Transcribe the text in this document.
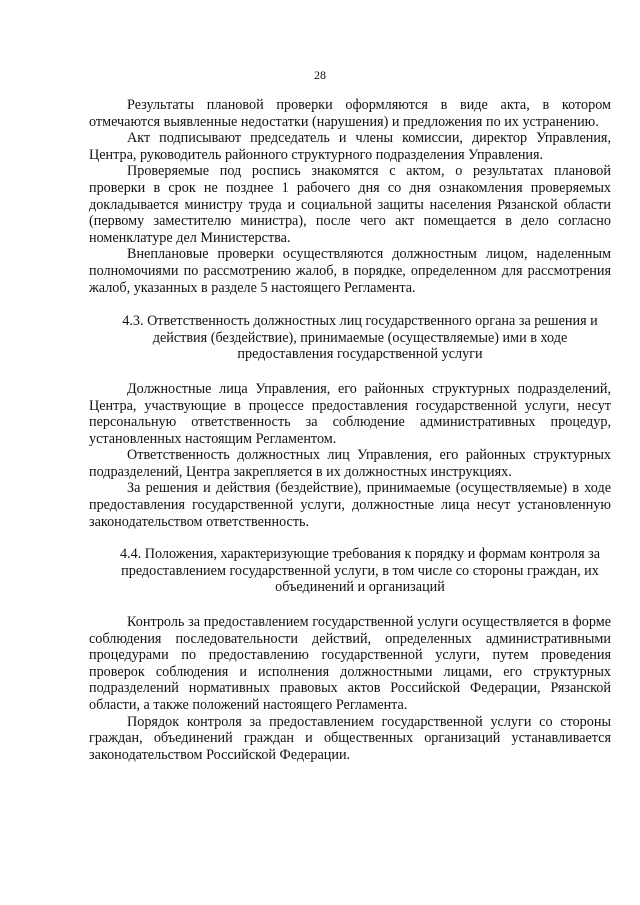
28

Результаты плановой проверки оформляются в виде акта, в котором отмечаются выявленные недостатки (нарушения) и предложения по их устранению.

Акт подписывают председатель и члены комиссии, директор Управления, Центра, руководитель районного структурного подразделения Управления.

Проверяемые под роспись знакомятся с актом, о результатах плановой проверки в срок не позднее 1 рабочего дня со дня ознакомления проверяемых докладывается министру труда и социальной защиты населения Рязанской области (первому заместителю министра), после чего акт помещается в дело согласно номенклатуре дел Министерства.

Внеплановые проверки осуществляются должностным лицом, наделенным полномочиями по рассмотрению жалоб, в порядке, определенном для рассмотрения жалоб, указанных в разделе 5 настоящего Регламента.

4.3. Ответственность должностных лиц государственного органа за решения и действия (бездействие), принимаемые (осуществляемые) ими в ходе предоставления государственной услуги

Должностные лица Управления, его районных структурных подразделений, Центра, участвующие в процессе предоставления государственной услуги, несут персональную ответственность за соблюдение административных процедур, установленных настоящим Регламентом.

Ответственность должностных лиц Управления, его районных структурных подразделений, Центра закрепляется в их должностных инструкциях.

За решения и действия (бездействие), принимаемые (осуществляемые) в ходе предоставления государственной услуги, должностные лица несут установленную законодательством ответственность.

4.4. Положения, характеризующие требования к порядку и формам контроля за предоставлением государственной услуги, в том числе со стороны граждан, их объединений и организаций

Контроль за предоставлением государственной услуги осуществляется в форме соблюдения последовательности действий, определенных административными процедурами по предоставлению государственной услуги, путем проведения проверок соблюдения и исполнения должностными лицами, его структурных подразделений нормативных правовых актов Российской Федерации, Рязанской области, а также положений настоящего Регламента.

Порядок контроля за предоставлением государственной услуги со стороны граждан, объединений граждан и общественных организаций устанавливается законодательством Российской Федерации.
